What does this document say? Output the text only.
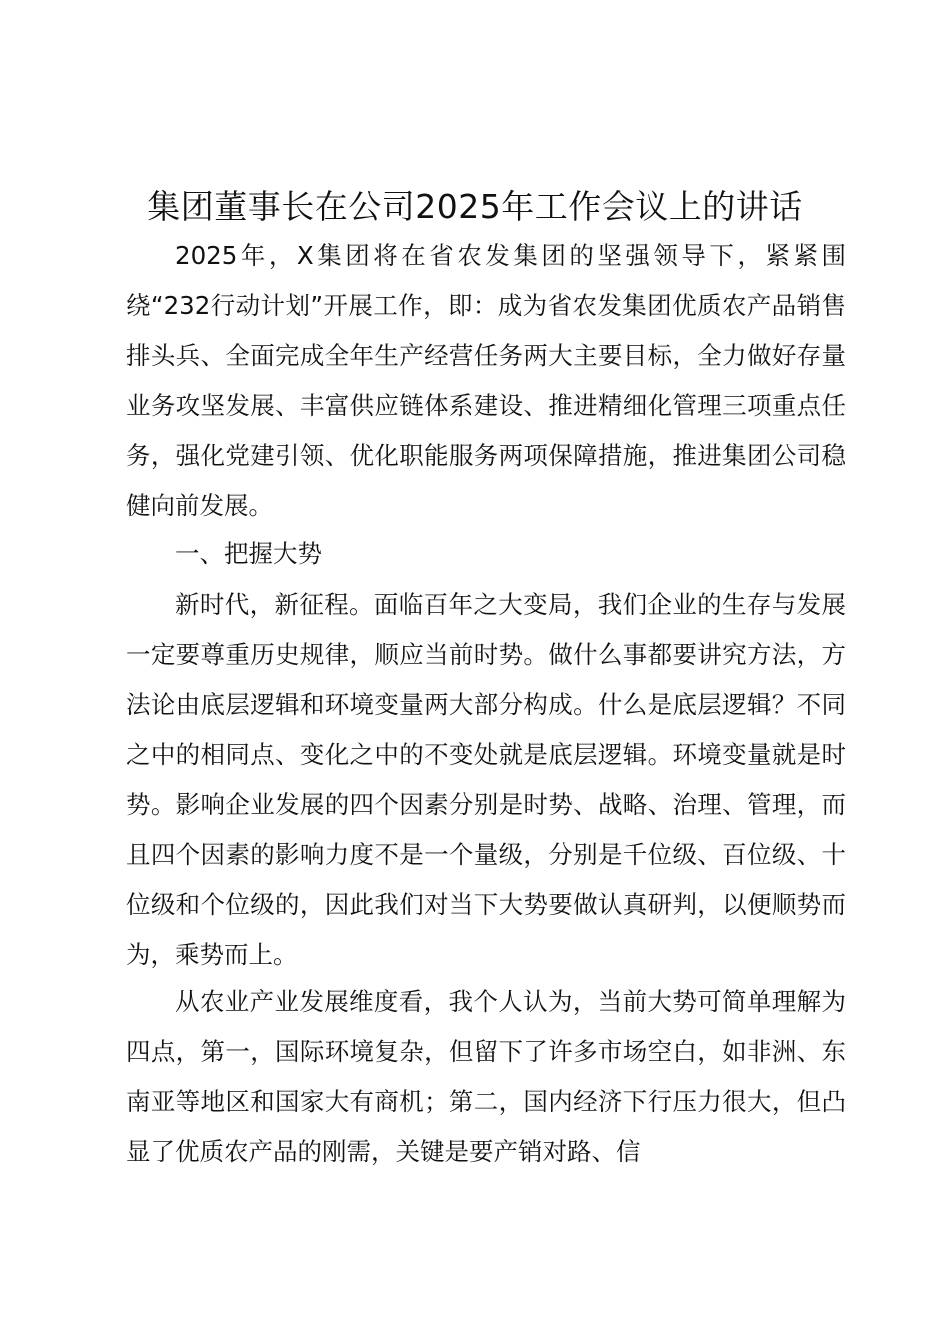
集团董事长在公司2025年工作会议上的讲话

2025年，X集团将在省农发集团的坚强领导下，紧紧围绕“232行动计划”开展工作，即：成为省农发集团优质农产品销售排头兵、全面完成全年生产经营任务两大主要目标，全力做好存量业务攻坚发展、丰富供应链体系建设、推进精细化管理三项重点任务，强化党建引领、优化职能服务两项保障措施，推进集团公司稳健向前发展。

一、把握大势

新时代，新征程。面临百年之大变局，我们企业的生存与发展一定要尊重历史规律，顺应当前时势。做什么事都要讲究方法，方法论由底层逻辑和环境变量两大部分构成。什么是底层逻辑？不同之中的相同点、变化之中的不变处就是底层逻辑。环境变量就是时势。影响企业发展的四个因素分别是时势、战略、治理、管理，而且四个因素的影响力度不是一个量级，分别是千位级、百位级、十位级和个位级的，因此我们对当下大势要做认真研判，以便顺势而为，乘势而上。

从农业产业发展维度看，我个人认为，当前大势可简单理解为四点，第一，国际环境复杂，但留下了许多市场空白，如非洲、东南亚等地区和国家大有商机；第二，国内经济下行压力很大，但凸显了优质农产品的刚需，关键是要产销对路、信
